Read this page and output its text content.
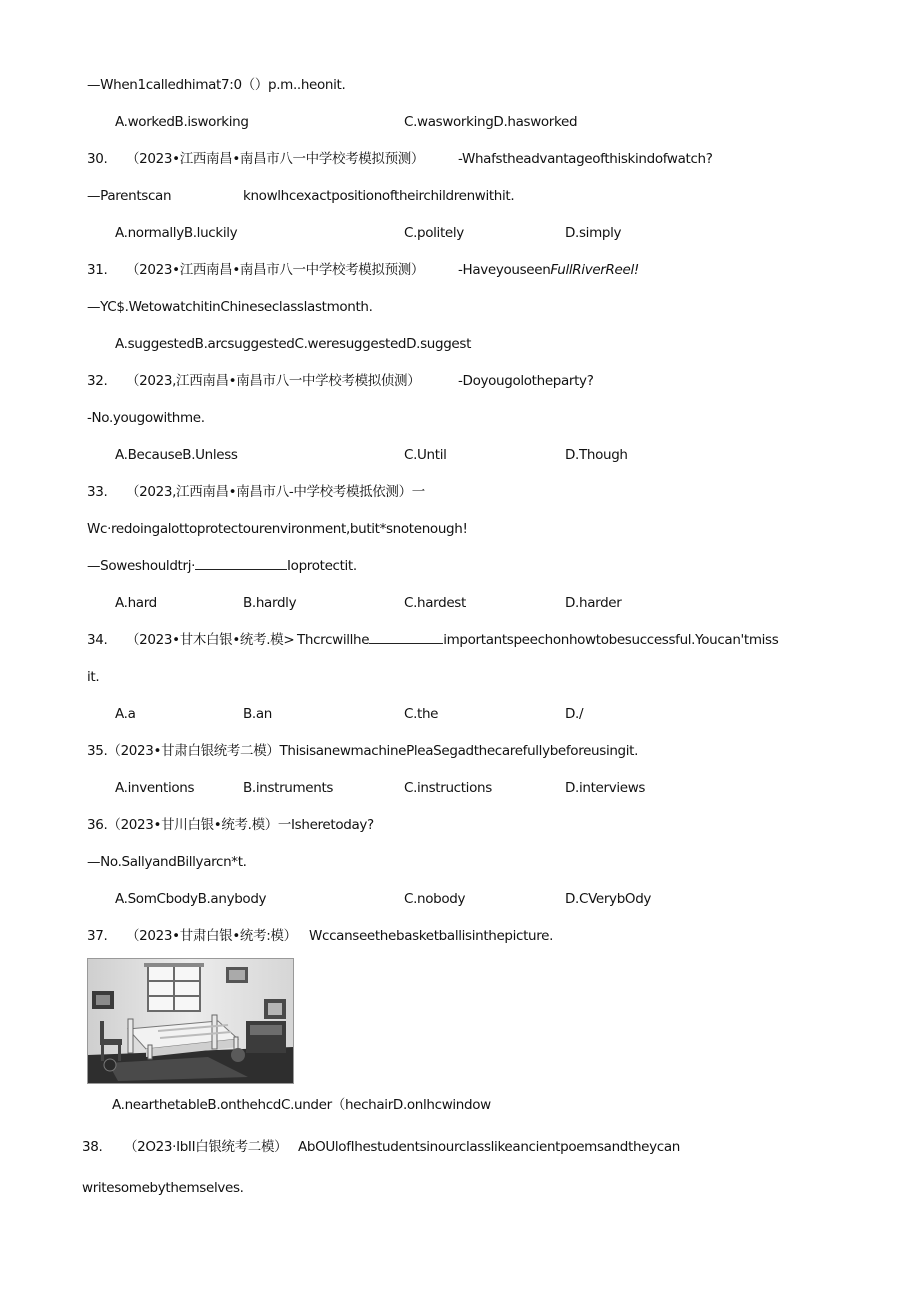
—When1calledhimat7:0（）p.m..heonit.
A.workedB.isworking	C.wasworkingD.hasworked
30. （2023•江西南昌•南昌市八一中学校考模拟预测）	-Whafstheadvantageofthiskindofwatch?
—Parentscan	knowlhcexactpositionoftheirchildrenwithit.
A.normallyB.luckily	C.politely	D.simply
31. （2023•江西南昌•南昌市八一中学校考模拟预测）	-HaveyouseenFullRiverReel!
—YC$.WetowatchitinChineseclasslastmonth.
A.suggestedB.arcsuggestedC.weresuggestedD.suggest
32. （2023,江西南昌•南昌市八一中学校考模拟侦测）	-Doyougolotheparty?
-No.yougowithme.
A.BecauseB.Unless	C.Until	D.Though
33. （2023,江西南昌•南昌市八-中学校考模抵依测）一
Wc·redoingalottoprotectourenvironment,butit*snotenough!
—Soweshouldtrj·	Ioprotectit.
A.hard	B.hardly	C.hardest	D.harder
34. （2023•甘木白银•统考.模> Thcrcwillhe	importantspeechonhowtobesuccessful.Youcan'tmiss
it.
A.a	B.an	C.the	D./
35.（2023•甘肃白银统考二模）ThisisanewmachinePleaSegadthecarefullybeforeusingit.
A.inventions	B.instruments	C.instructions	D.interviews
36.（2023•甘川白银•统考.模）一Isheretoday?
—No.SallyandBillyarcn*t.
A.SomCbodyB.anybody	C.nobody	D.CVerybOdy
37. （2023•甘肃白银•统考:模） Wccanseethebasketballisinthepicture.
A.nearthetableB.onthehcdC.under（hechairD.onlhcwindow
38. （2O23·IbII白银统考二模） AbOUlofIhestudentsinourclasslikeancientpoemsandtheycan
writesomebythemselves.
